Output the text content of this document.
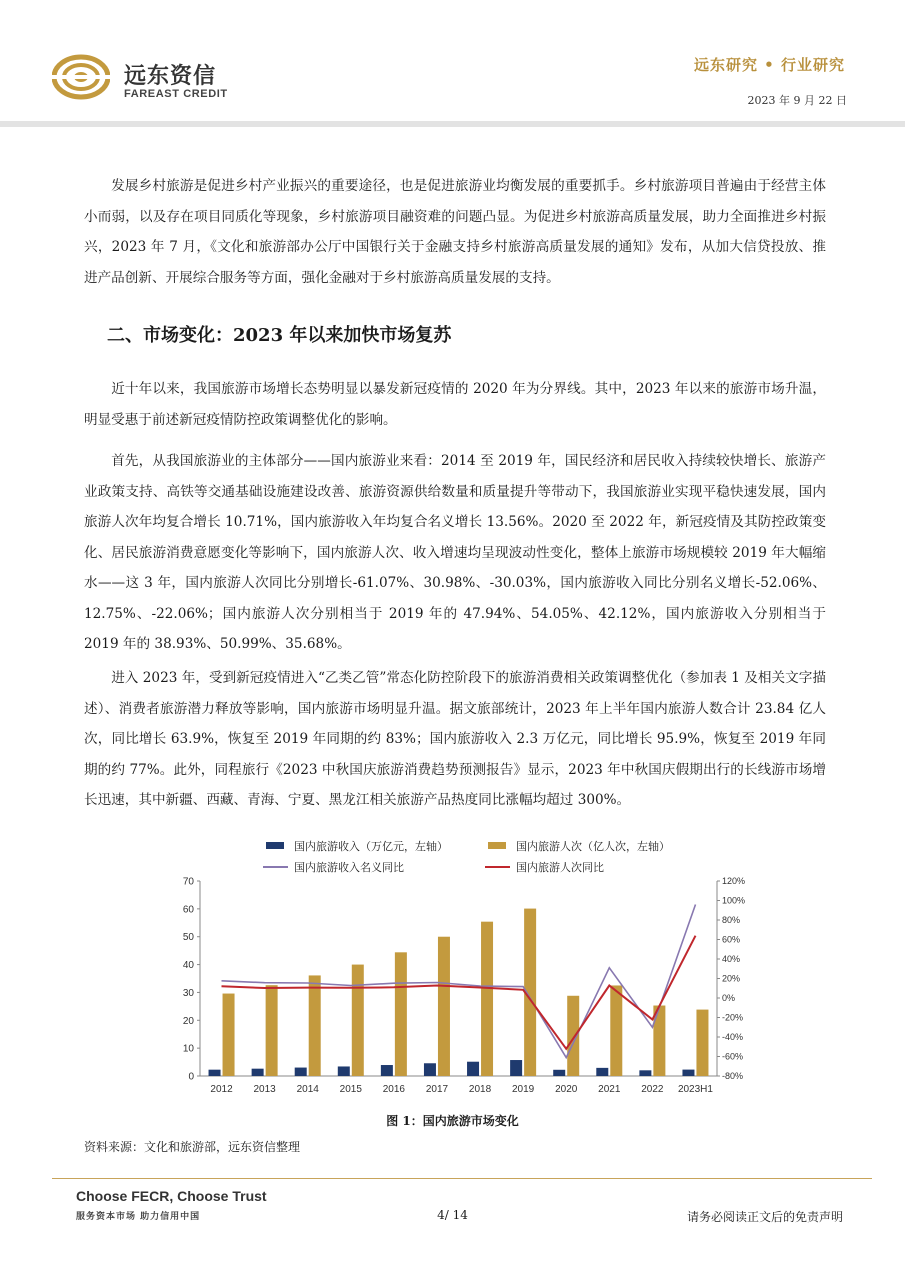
远东资信
FAREAST CREDIT
远东研究 • 行业研究
2023 年 9 月 22 日

发展乡村旅游是促进乡村产业振兴的重要途径，也是促进旅游业均衡发展的重要抓手。乡村旅游项目普遍由于经营主体小而弱，以及存在项目同质化等现象，乡村旅游项目融资难的问题凸显。为促进乡村旅游高质量发展，助力全面推进乡村振兴，2023 年 7 月，《文化和旅游部办公厅中国银行关于金融支持乡村旅游高质量发展的通知》发布，从加大信贷投放、推进产品创新、开展综合服务等方面，强化金融对于乡村旅游高质量发展的支持。

二、市场变化：2023 年以来加快市场复苏

近十年以来，我国旅游市场增长态势明显以暴发新冠疫情的 2020 年为分界线。其中，2023 年以来的旅游市场升温，明显受惠于前述新冠疫情防控政策调整优化的影响。

首先，从我国旅游业的主体部分——国内旅游业来看：2014 至 2019 年，国民经济和居民收入持续较快增长、旅游产业政策支持、高铁等交通基础设施建设改善、旅游资源供给数量和质量提升等带动下，我国旅游业实现平稳快速发展，国内旅游人次年均复合增长 10.71%，国内旅游收入年均复合名义增长 13.56%。2020 至 2022 年，新冠疫情及其防控政策变化、居民旅游消费意愿变化等影响下，国内旅游人次、收入增速均呈现波动性变化，整体上旅游市场规模较 2019 年大幅缩水——这 3 年，国内旅游人次同比分别增长-61.07%、30.98%、-30.03%，国内旅游收入同比分别名义增长-52.06%、12.75%、-22.06%；国内旅游人次分别相当于 2019 年的 47.94%、54.05%、42.12%，国内旅游收入分别相当于 2019 年的 38.93%、50.99%、35.68%。

进入 2023 年，受到新冠疫情进入“乙类乙管”常态化防控阶段下的旅游消费相关政策调整优化（参加表 1 及相关文字描述）、消费者旅游潜力释放等影响，国内旅游市场明显升温。据文旅部统计，2023 年上半年国内旅游人数合计 23.84 亿人次，同比增长 63.9%，恢复至 2019 年同期的约 83%；国内旅游收入 2.3 万亿元，同比增长 95.9%，恢复至 2019 年同期的约 77%。此外，同程旅行《2023 中秋国庆旅游消费趋势预测报告》显示，2023 年中秋国庆假期出行的长线游市场增长迅速，其中新疆、西藏、青海、宁夏、黑龙江相关旅游产品热度同比涨幅均超过 300%。

0
10
20
30
40
50
60
70
-80%
-60%
-40%
-20%
0%
20%
40%
60%
80%
100%
120%
2012 2013 2014 2015 2016 2017 2018 2019 2020 2021 2022 2023H1
国内旅游收入（万亿元，左轴）	国内旅游人次（亿人次，左轴）
国内旅游收入名义同比	国内旅游人次同比
图 1：国内旅游市场变化
资料来源：文化和旅游部，远东资信整理
Choose FECR, Choose Trust
服务资本市场 助力信用中国	4/ 14	请务必阅读正文后的免责声明
